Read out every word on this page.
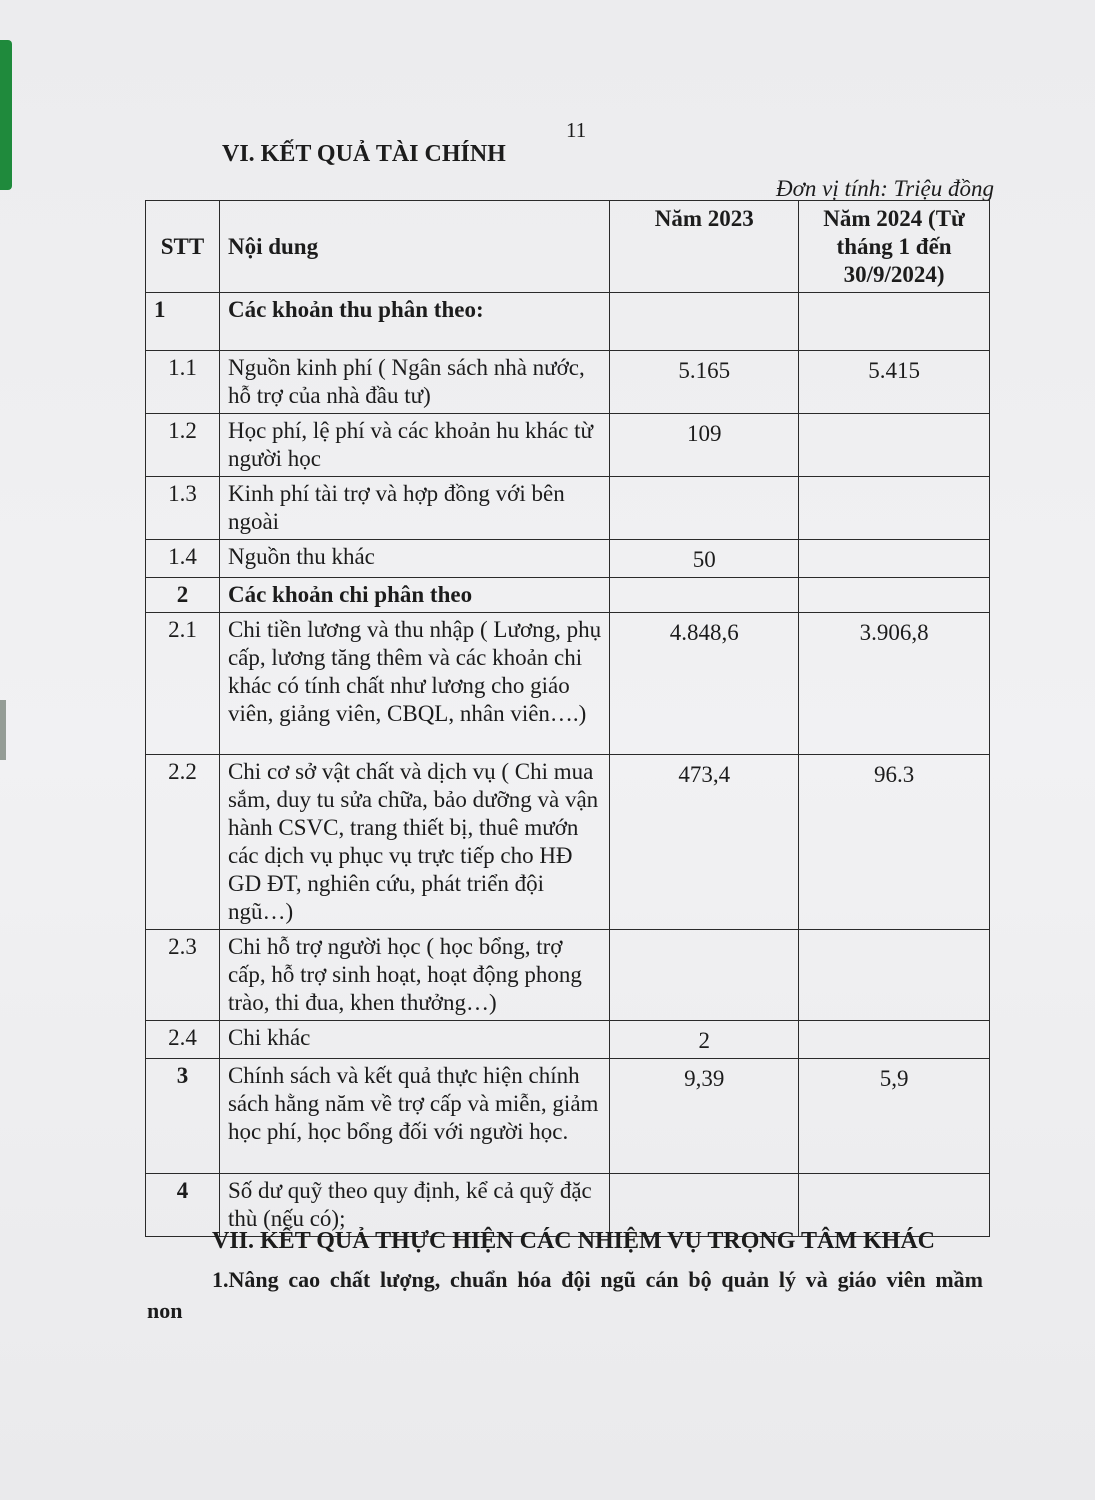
11
VI. KẾT QUẢ TÀI CHÍNH
Đơn vị tính: Triệu đồng
STT	Nội dung	Năm 2023	Năm 2024 (Từ tháng 1 đến 30/9/2024)
1	Các khoản thu phân theo:		
1.1	Nguồn kinh phí ( Ngân sách nhà nước, hỗ trợ của nhà đầu tư)	5.165	5.415
1.2	Học phí, lệ phí và các khoản hu khác từ người học	109	
1.3	Kinh phí tài trợ và hợp đồng với bên ngoài		
1.4	Nguồn thu khác	50	
2	Các khoản chi phân theo		
2.1	Chi tiền lương và thu nhập ( Lương, phụ cấp, lương tăng thêm và các khoản chi khác có tính chất như lương cho giáo viên, giảng viên, CBQL, nhân viên….)	4.848,6	3.906,8
2.2	Chi cơ sở vật chất và dịch vụ ( Chi mua sắm, duy tu sửa chữa, bảo dưỡng và vận hành CSVC, trang thiết bị, thuê mướn các dịch vụ phục vụ trực tiếp cho HĐ GD ĐT, nghiên cứu, phát triển đội ngũ…)	473,4	96.3
2.3	Chi hỗ trợ người học ( học bổng, trợ cấp, hỗ trợ sinh hoạt, hoạt động phong trào, thi đua, khen thưởng…)		
2.4	Chi khác	2	
3	Chính sách và kết quả thực hiện chính sách hằng năm về trợ cấp và miễn, giảm học phí, học bổng đối với người học.	9,39	5,9
4	Số dư quỹ theo quy định, kể cả quỹ đặc thù (nếu có);		
VII. KẾT QUẢ THỰC HIỆN CÁC NHIỆM VỤ TRỌNG TÂM KHÁC
1.Nâng cao chất lượng, chuẩn hóa đội ngũ cán bộ quản lý và giáo viên mầm non
